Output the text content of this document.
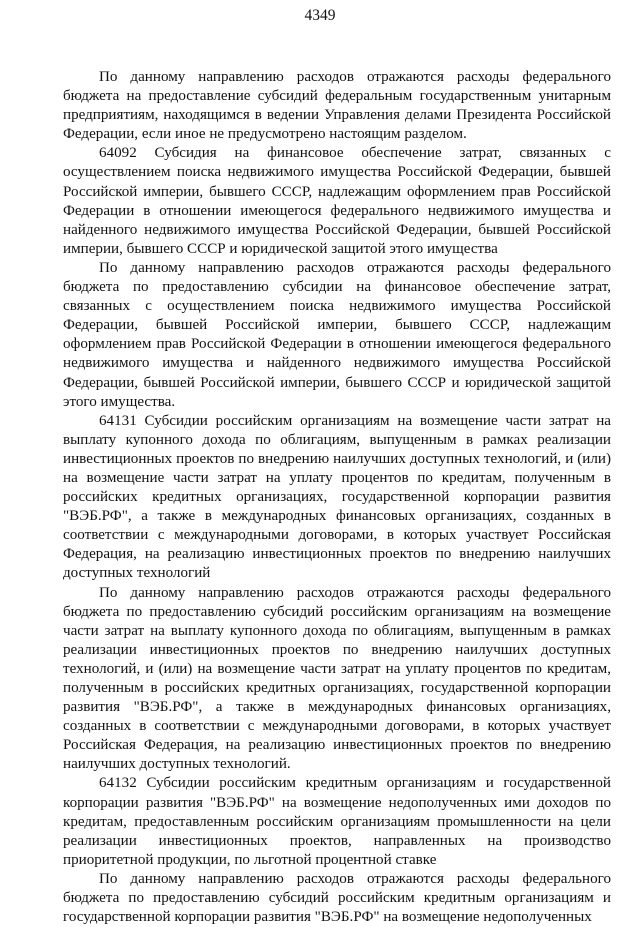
4349

По данному направлению расходов отражаются расходы федерального бюджета на предоставление субсидий федеральным государственным унитарным предприятиям, находящимся в ведении Управления делами Президента Российской Федерации, если иное не предусмотрено настоящим разделом.

64092 Субсидия на финансовое обеспечение затрат, связанных с осуществлением поиска недвижимого имущества Российской Федерации, бывшей Российской империи, бывшего СССР, надлежащим оформлением прав Российской Федерации в отношении имеющегося федерального недвижимого имущества и найденного недвижимого имущества Российской Федерации, бывшей Российской империи, бывшего СССР и юридической защитой этого имущества

По данному направлению расходов отражаются расходы федерального бюджета по предоставлению субсидии на финансовое обеспечение затрат, связанных с осуществлением поиска недвижимого имущества Российской Федерации, бывшей Российской империи, бывшего СССР, надлежащим оформлением прав Российской Федерации в отношении имеющегося федерального недвижимого имущества и найденного недвижимого имущества Российской Федерации, бывшей Российской империи, бывшего СССР и юридической защитой этого имущества.

64131 Субсидии российским организациям на возмещение части затрат на выплату купонного дохода по облигациям, выпущенным в рамках реализации инвестиционных проектов по внедрению наилучших доступных технологий, и (или) на возмещение части затрат на уплату процентов по кредитам, полученным в российских кредитных организациях, государственной корпорации развития "ВЭБ.РФ", а также в международных финансовых организациях, созданных в соответствии с международными договорами, в которых участвует Российская Федерация, на реализацию инвестиционных проектов по внедрению наилучших доступных технологий

По данному направлению расходов отражаются расходы федерального бюджета по предоставлению субсидий российским организациям на возмещение части затрат на выплату купонного дохода по облигациям, выпущенным в рамках реализации инвестиционных проектов по внедрению наилучших доступных технологий, и (или) на возмещение части затрат на уплату процентов по кредитам, полученным в российских кредитных организациях, государственной корпорации развития "ВЭБ.РФ", а также в международных финансовых организациях, созданных в соответствии с международными договорами, в которых участвует Российская Федерация, на реализацию инвестиционных проектов по внедрению наилучших доступных технологий.

64132 Субсидии российским кредитным организациям и государственной корпорации развития "ВЭБ.РФ" на возмещение недополученных ими доходов по кредитам, предоставленным российским организациям промышленности на цели реализации инвестиционных проектов, направленных на производство приоритетной продукции, по льготной процентной ставке

По данному направлению расходов отражаются расходы федерального бюджета по предоставлению субсидий российским кредитным организациям и государственной корпорации развития "ВЭБ.РФ" на возмещение недополученных
